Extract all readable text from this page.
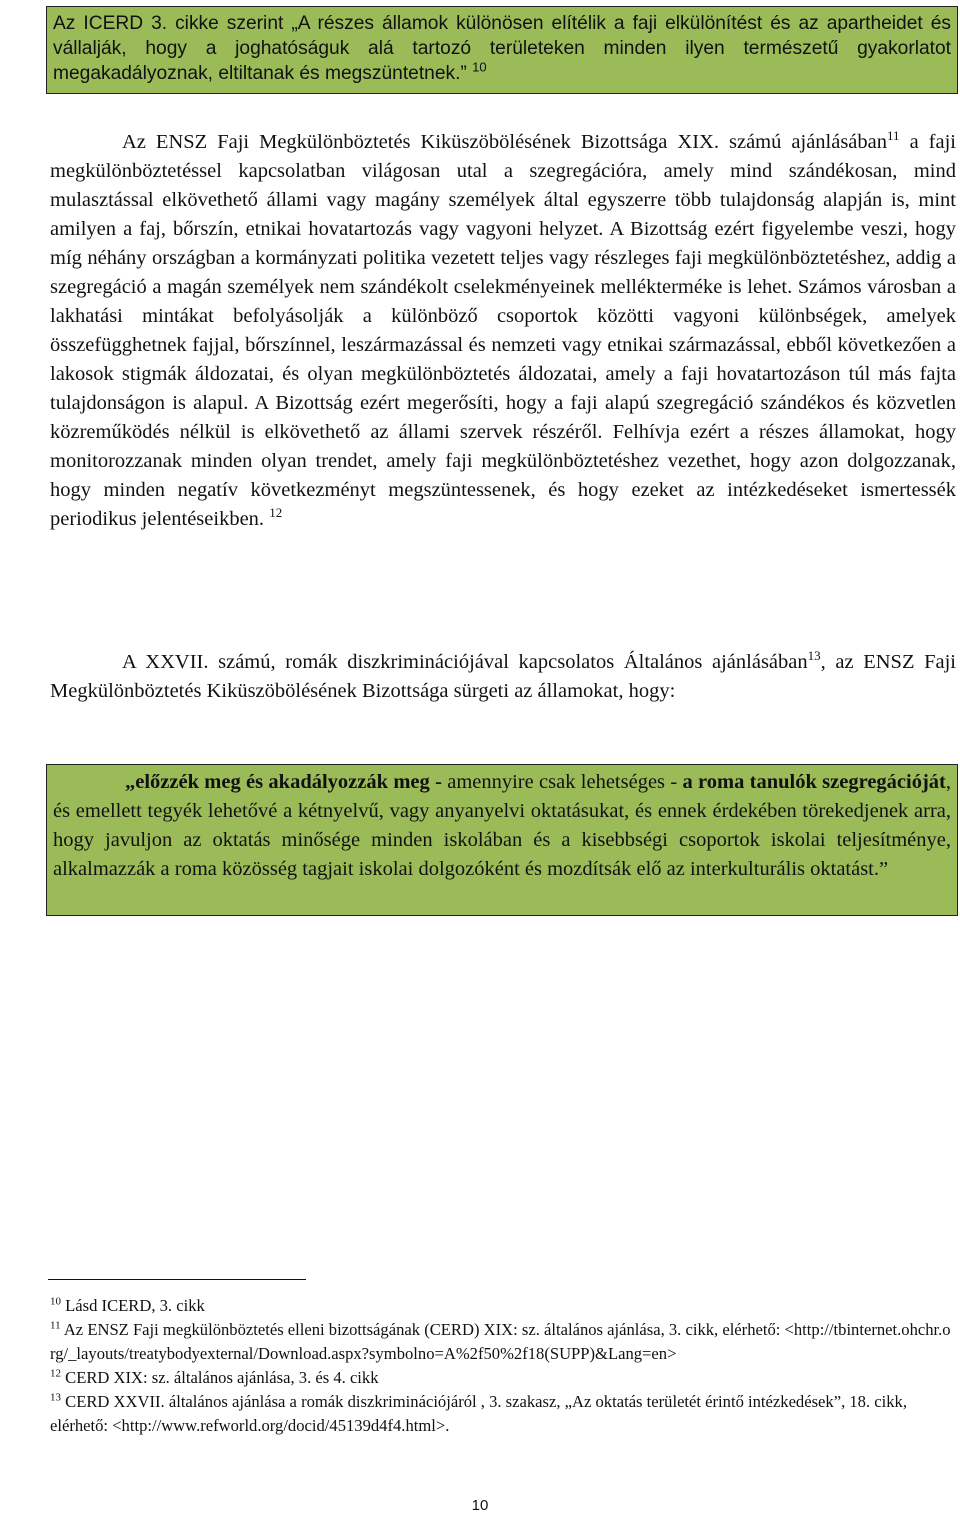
Az ICERD 3. cikke szerint „A részes államok különösen elítélik a faji elkülönítést és az apartheidet és vállalják, hogy a joghatóságuk alá tartozó területeken minden ilyen természetű gyakorlatot megakadályoznak, eltiltanak és megszüntetnek.” $^{10}$

Az ENSZ Faji Megkülönböztetés Kiküszöbölésének Bizottsága XIX. számú ajánlásában$^{11}$ a faji megkülönböztetéssel kapcsolatban világosan utal a szegregációra, amely mind szándékosan, mind mulasztással elkövethető állami vagy magány személyek által egyszerre több tulajdonság alapján is, mint amilyen a faj, bőrszín, etnikai hovatartozás vagy vagyoni helyzet. A Bizottság ezért figyelembe veszi, hogy míg néhány országban a kormányzati politika vezetett teljes vagy részleges faji megkülönböztetéshez, addig a szegregáció a magán személyek nem szándékolt cselekményeinek mellékterméke is lehet. Számos városban a lakhatási mintákat befolyásolják a különböző csoportok közötti vagyoni különbségek, amelyek összefügghetnek fajjal, bőrszínnel, leszármazással és nemzeti vagy etnikai származással, ebből következően a lakosok stigmák áldozatai, és olyan megkülönböztetés áldozatai, amely a faji hovatartozáson túl más fajta tulajdonságon is alapul. A Bizottság ezért megerősíti, hogy a faji alapú szegregáció szándékos és közvetlen közreműködés nélkül is elkövethető az állami szervek részéről. Felhívja ezért a részes államokat, hogy monitorozzanak minden olyan trendet, amely faji megkülönböztetéshez vezethet, hogy azon dolgozzanak, hogy minden negatív következményt megszüntessenek, és hogy ezeket az intézkedéseket ismertessék periodikus jelentéseikben. $^{12}$

A XXVII. számú, romák diszkriminációjával kapcsolatos Általános ajánlásában$^{13}$, az ENSZ Faji Megkülönböztetés Kiküszöbölésének Bizottsága sürgeti az államokat, hogy:

„előzzék meg és akadályozzák meg - amennyire csak lehetséges - a roma tanulók szegregációját, és emellett tegyék lehetővé a kétnyelvű, vagy anyanyelvi oktatásukat, és ennek érdekében törekedjenek arra, hogy javuljon az oktatás minősége minden iskolában és a kisebbségi csoportok iskolai teljesítménye, alkalmazzák a roma közösség tagjait iskolai dolgozóként és mozdítsák elő az interkulturális oktatást.”

$^{10}$ Lásd ICERD, 3. cikk

$^{11}$ Az ENSZ Faji megkülönböztetés elleni bizottságának (CERD) XIX: sz. általános ajánlása, 3. cikk, elérhető: <http://tbinternet.ohchr.org/_layouts/treatybodyexternal/Download.aspx?symbolno=A%2f50%2f18(SUPP)&Lang=en>

$^{12}$ CERD XIX: sz. általános ajánlása, 3. és 4. cikk

$^{13}$ CERD XXVII. általános ajánlása a romák diszkriminációjáról , 3. szakasz, „Az oktatás területét érintő intézkedések”, 18. cikk, elérhető: <http://www.refworld.org/docid/45139d4f4.html>.

10
